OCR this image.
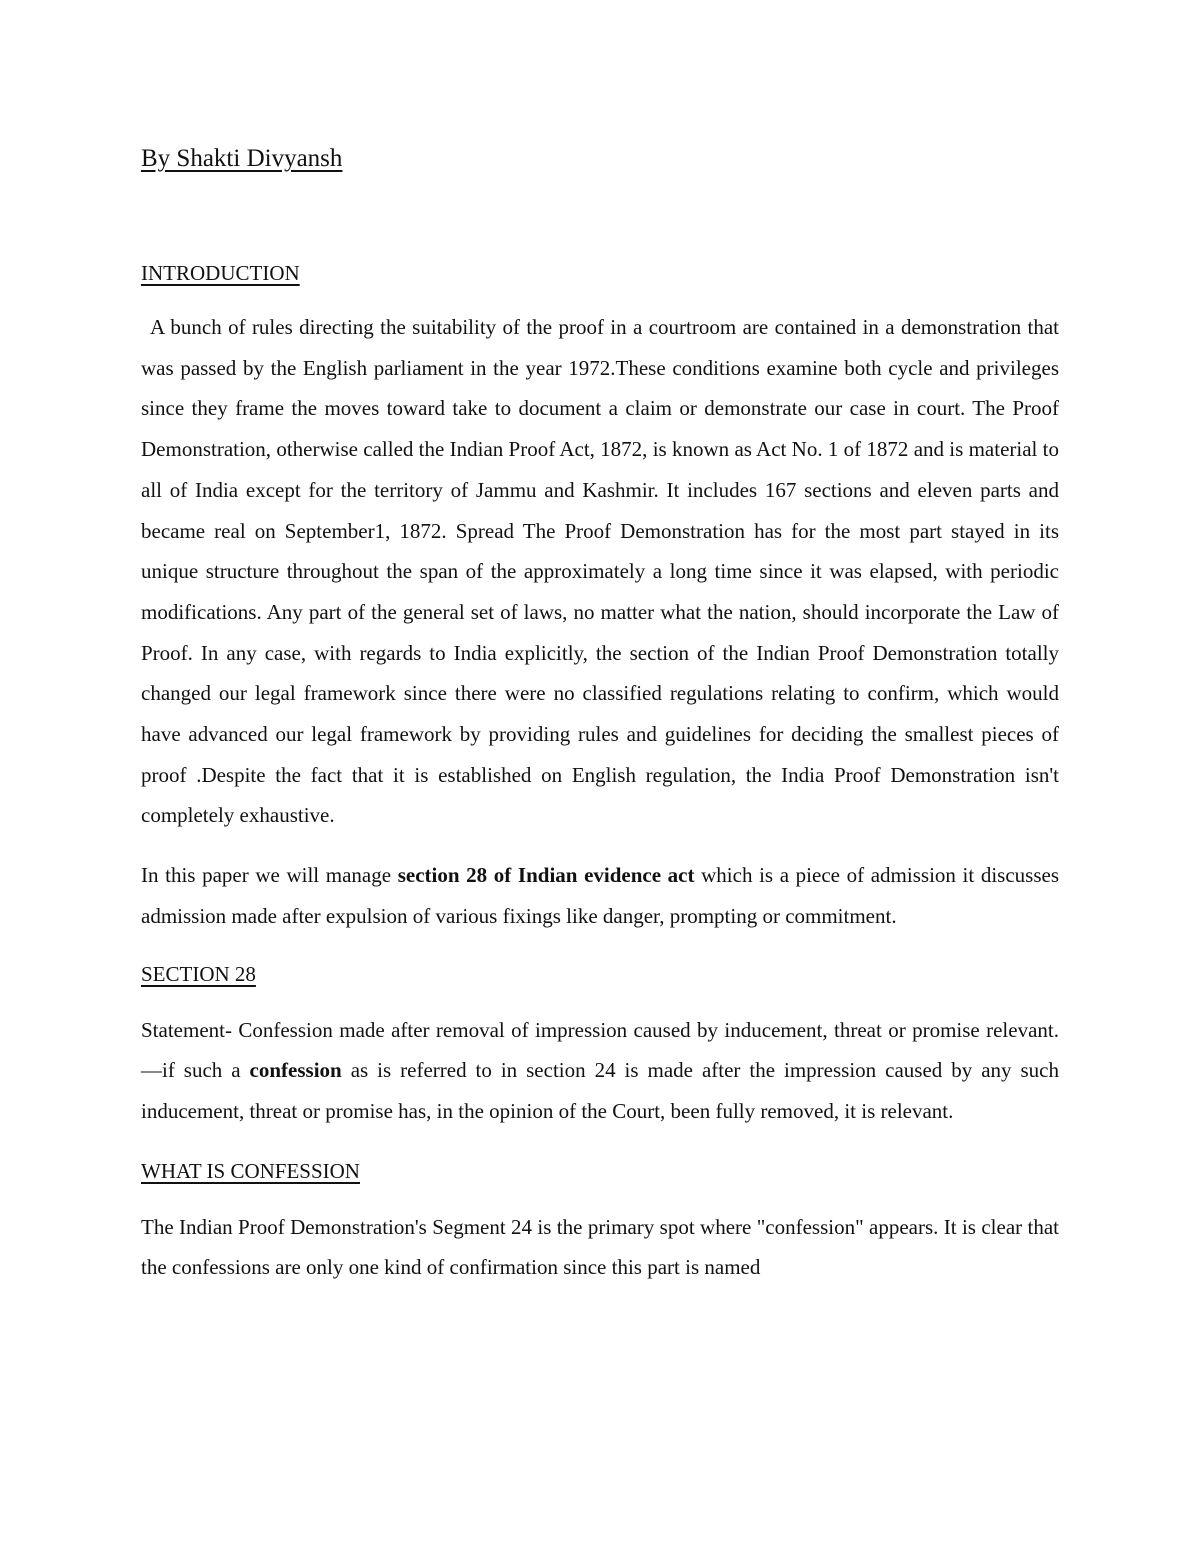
By Shakti Divyansh
INTRODUCTION

A bunch of rules directing the suitability of the proof in a courtroom are contained in a demonstration that was passed by the English parliament in the year 1972.These conditions examine both cycle and privileges since they frame the moves toward take to document a claim or demonstrate our case in court. The Proof Demonstration, otherwise called the Indian Proof Act, 1872, is known as Act No. 1 of 1872 and is material to all of India except for the territory of Jammu and Kashmir. It includes 167 sections and eleven parts and became real on September1, 1872. Spread The Proof Demonstration has for the most part stayed in its unique structure throughout the span of the approximately a long time since it was elapsed, with periodic modifications. Any part of the general set of laws, no matter what the nation, should incorporate the Law of Proof. In any case, with regards to India explicitly, the section of the Indian Proof Demonstration totally changed our legal framework since there were no classified regulations relating to confirm, which would have advanced our legal framework by providing rules and guidelines for deciding the smallest pieces of proof .Despite the fact that it is established on English regulation, the India Proof Demonstration isn't completely exhaustive.

In this paper we will manage section 28 of Indian evidence act which is a piece of admission it discusses admission made after expulsion of various fixings like danger, prompting or commitment.

SECTION 28

Statement- Confession made after removal of impression caused by inducement, threat or promise relevant.—if such a confession as is referred to in section 24 is made after the impression caused by any such inducement, threat or promise has, in the opinion of the Court, been fully removed, it is relevant.

WHAT IS CONFESSION

The Indian Proof Demonstration's Segment 24 is the primary spot where "confession" appears. It is clear that the confessions are only one kind of confirmation since this part is named
